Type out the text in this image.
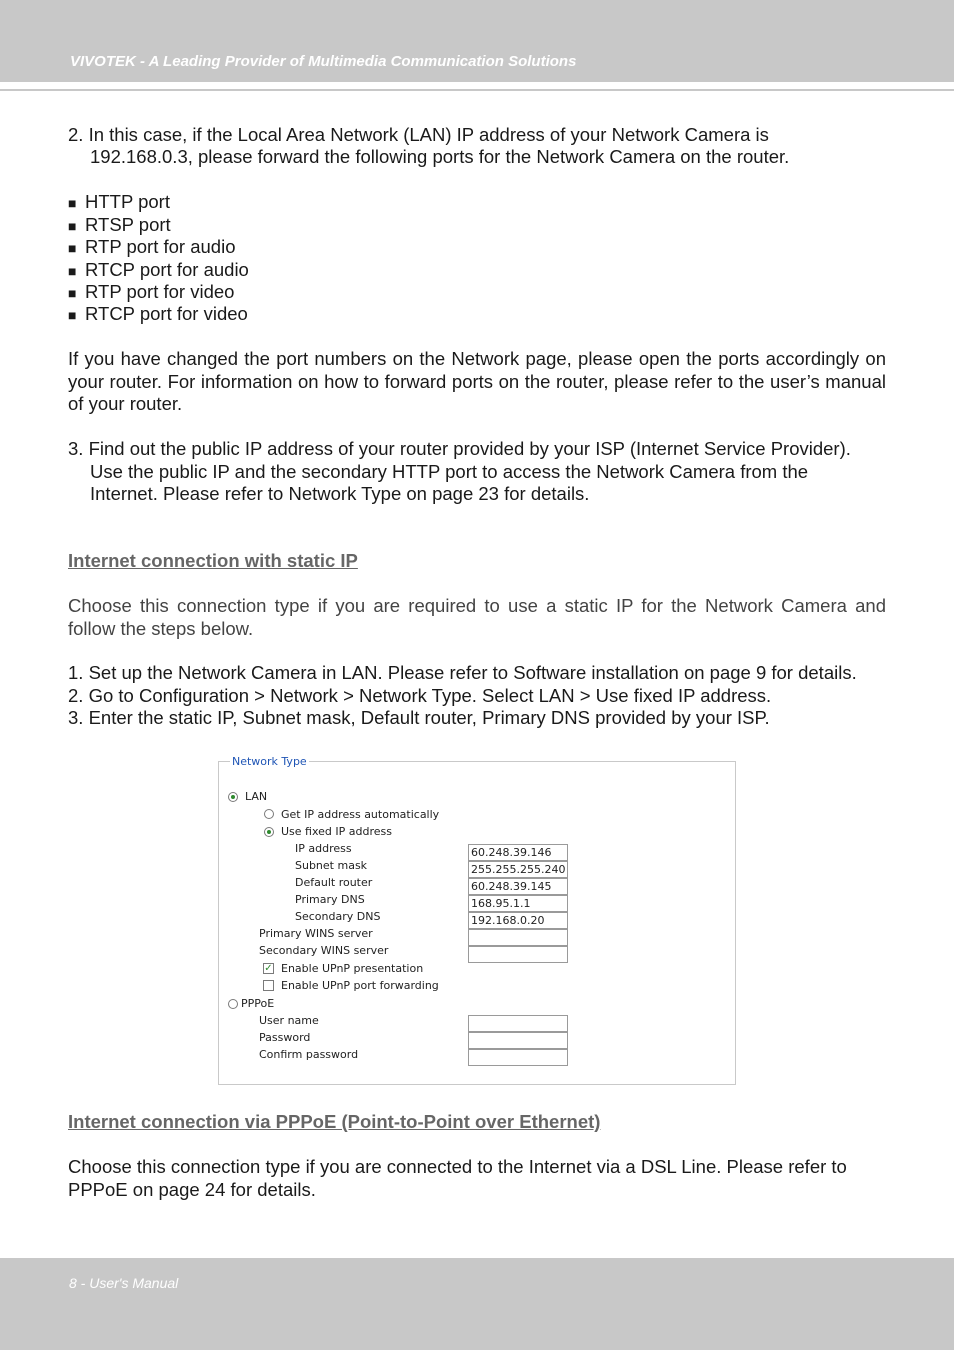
VIVOTEK - A Leading Provider of Multimedia Communication Solutions
2. In this case, if the Local Area Network (LAN) IP address of your Network Camera is
192.168.0.3, please forward the following ports for the Network Camera on the router.
■ HTTP port
■ RTSP port
■ RTP port for audio
■ RTCP port for audio
■ RTP port for video
■ RTCP port for video
If you have changed the port numbers on the Network page, please open the ports accordingly on your router. For information on how to forward ports on the router, please refer to the user’s manual of your router.
3. Find out the public IP address of your router provided by your ISP (Internet Service Provider).
Use the public IP and the secondary HTTP port to access the Network Camera from the
Internet. Please refer to Network Type on page 23 for details.
Internet connection with static IP
Choose this connection type if you are required to use a static IP for the Network Camera and follow the steps below.
1. Set up the Network Camera in LAN. Please refer to Software installation on page 9 for details.
2. Go to Configuration > Network > Network Type. Select LAN > Use fixed IP address.
3. Enter the static IP, Subnet mask, Default router, Primary DNS provided by your ISP.
Network Type
LAN
Get IP address automatically
Use fixed IP address
IP address	60.248.39.146
Subnet mask	255.255.255.240
Default router	60.248.39.145
Primary DNS	168.95.1.1
Secondary DNS	192.168.0.20
Primary WINS server
Secondary WINS server
✓ Enable UPnP presentation
Enable UPnP port forwarding
PPPoE
User name
Password
Confirm password
Internet connection via PPPoE (Point-to-Point over Ethernet)
Choose this connection type if you are connected to the Internet via a DSL Line. Please refer to PPPoE on page 24 for details.
8 - User's Manual
